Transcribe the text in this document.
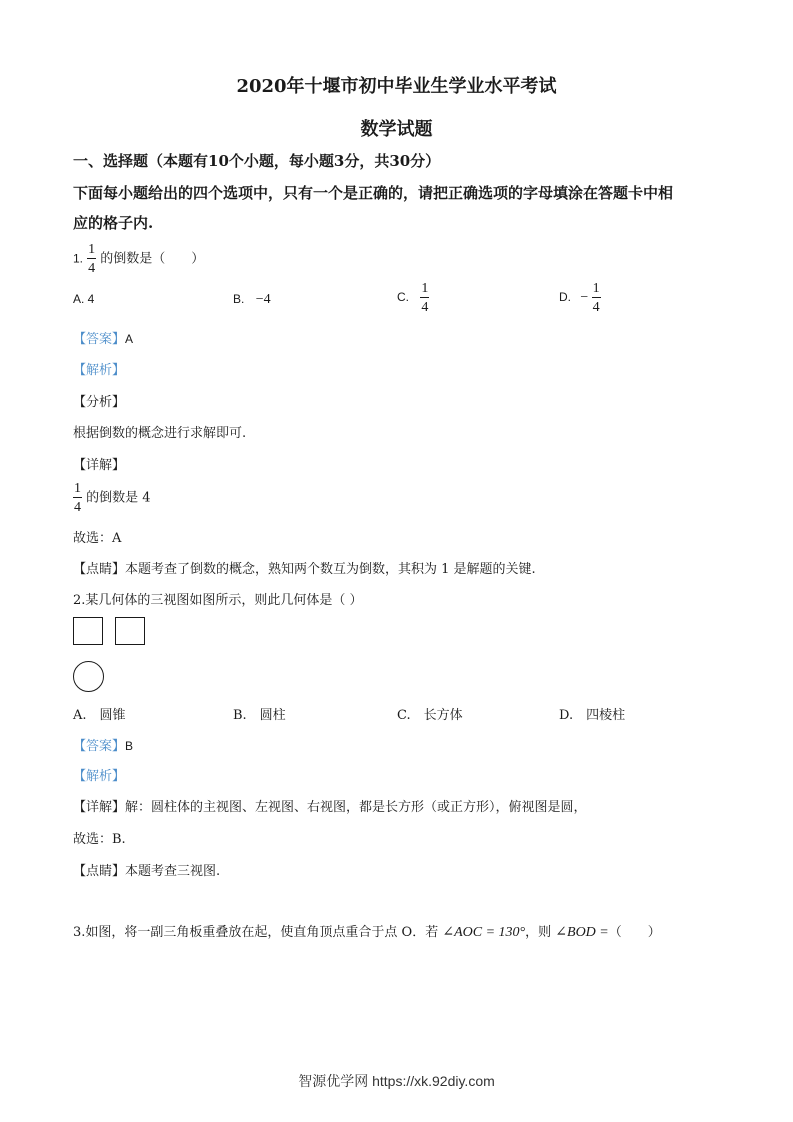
2020年十堰市初中毕业生学业水平考试
数学试题
一、选择题（本题有10个小题，每小题3分，共30分）
下面每小题给出的四个选项中，只有一个是正确的，请把正确选项的字母填涂在答题卡中相
应的格子内.
1. $\frac{1}{4}$ 的倒数是（　　）
A. 4	B. −4	C. $\frac{1}{4}$	D. − $\frac{1}{4}$
【答案】A
【解析】
【分析】
根据倒数的概念进行求解即可.
【详解】
$\frac{1}{4}$ 的倒数是 4
故选：A
【点睛】本题考查了倒数的概念，熟知两个数互为倒数，其积为 1 是解题的关键.
2.某几何体的三视图如图所示，则此几何体是（ ）
A.　圆锥	B.　圆柱	C.　长方体	D.　四棱柱
【答案】B
【解析】
【详解】解：圆柱体的主视图、左视图、右视图，都是长方形（或正方形），俯视图是圆，
故选：B.
【点睛】本题考查三视图.
3.如图，将一副三角板重叠放在起，使直角顶点重合于点 O．若 ∠AOC = 130°，则 ∠BOD =（　　）
智源优学网 https://xk.92diy.com
